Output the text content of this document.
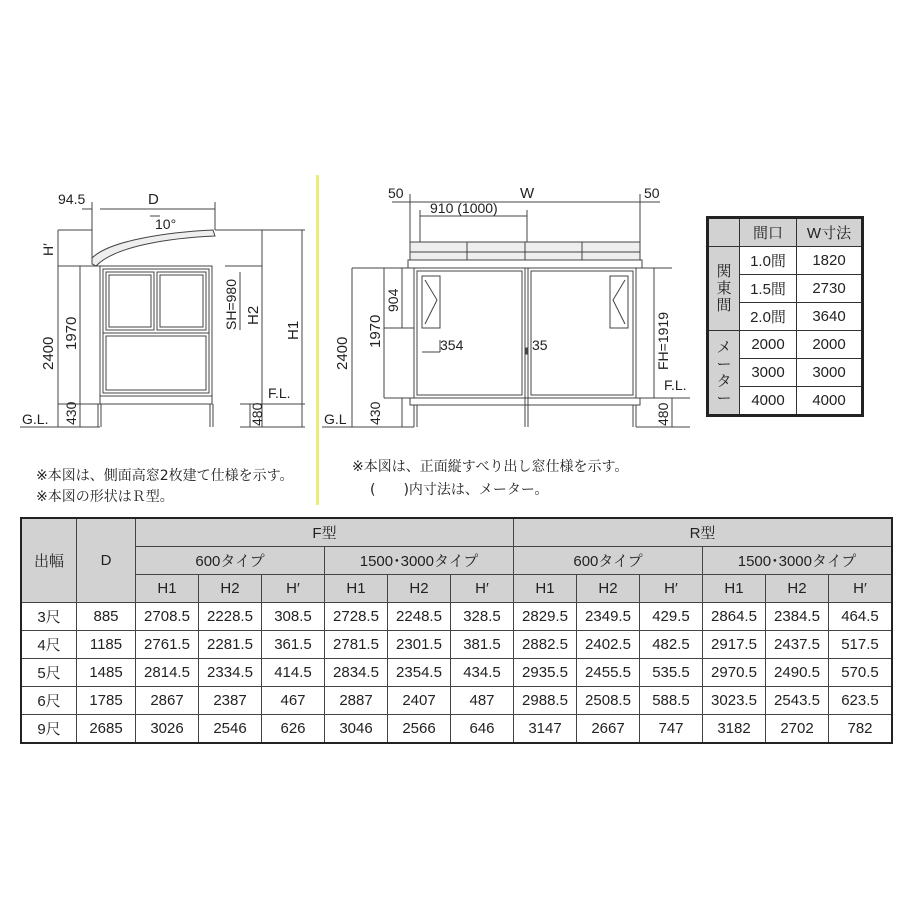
94.5	D
10°
H′
2400
1970
430
G.L.
SH=980 H2
H1
F.L.
480
50	W	50
910 (1000)
904
2400
1970
430
G.L
354	35	FH=1919
F.L.
480
※本図は、側面高窓2枚建て仕様を示す。
※本図の形状はＲ型。
※本図は、正面縦すべり出し窓仕様を示す。
(　　)内寸法は、メーター。
	間口	W寸法

関東間	1.0間	1820
	1.5間	2730
	2.0間	3640

メーター	2000	2000
	3000	3000
	4000	4000
出幅	D	F型						R型					
		600タイプ			1500･3000タイプ			600タイプ			1500･3000タイプ		
		H1	H2	H′	H1	H2	H′	H1	H2	H′	H1	H2	H′
3尺	885	2708.5	2228.5	308.5	2728.5	2248.5	328.5	2829.5	2349.5	429.5	2864.5	2384.5	464.5
4尺	1185	2761.5	2281.5	361.5	2781.5	2301.5	381.5	2882.5	2402.5	482.5	2917.5	2437.5	517.5
5尺	1485	2814.5	2334.5	414.5	2834.5	2354.5	434.5	2935.5	2455.5	535.5	2970.5	2490.5	570.5
6尺	1785	2867	2387	467	2887	2407	487	2988.5	2508.5	588.5	3023.5	2543.5	623.5
9尺	2685	3026	2546	626	3046	2566	646	3147	2667	747	3182	2702	782
